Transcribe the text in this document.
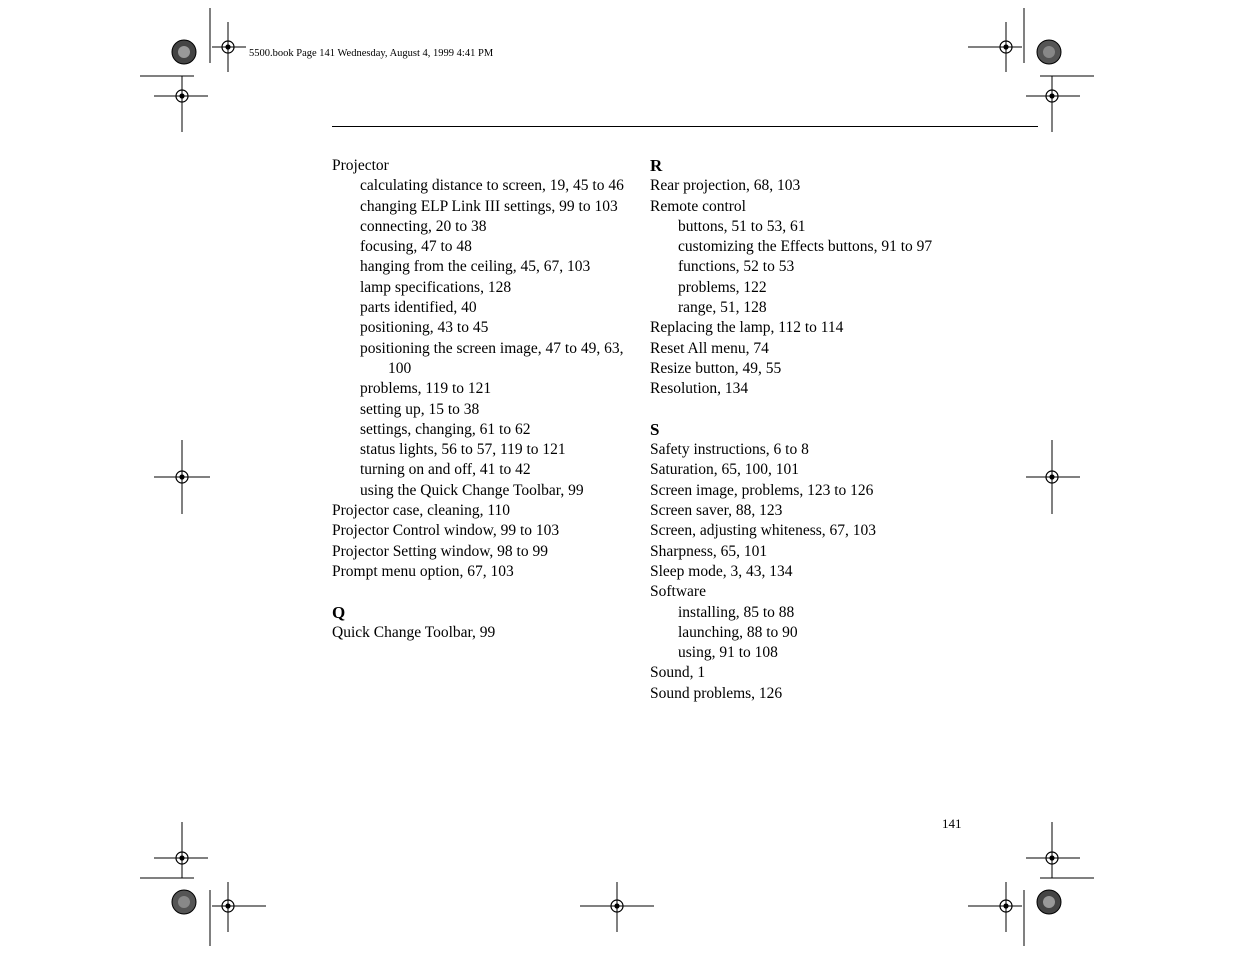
5500.book Page 141 Wednesday, August 4, 1999 4:41 PM
Projector
calculating distance to screen, 19, 45 to 46
changing ELP Link III settings, 99 to 103
connecting, 20 to 38
focusing, 47 to 48
hanging from the ceiling, 45, 67, 103
lamp specifications, 128
parts identified, 40
positioning, 43 to 45
positioning the screen image, 47 to 49, 63, 100
problems, 119 to 121
setting up, 15 to 38
settings, changing, 61 to 62
status lights, 56 to 57, 119 to 121
turning on and off, 41 to 42
using the Quick Change Toolbar, 99
Projector case, cleaning, 110
Projector Control window, 99 to 103
Projector Setting window, 98 to 99
Prompt menu option, 67, 103
Q
Quick Change Toolbar, 99
R
Rear projection, 68, 103
Remote control
buttons, 51 to 53, 61
customizing the Effects buttons, 91 to 97
functions, 52 to 53
problems, 122
range, 51, 128
Replacing the lamp, 112 to 114
Reset All menu, 74
Resize button, 49, 55
Resolution, 134
S
Safety instructions, 6 to 8
Saturation, 65, 100, 101
Screen image, problems, 123 to 126
Screen saver, 88, 123
Screen, adjusting whiteness, 67, 103
Sharpness, 65, 101
Sleep mode, 3, 43, 134
Software
installing, 85 to 88
launching, 88 to 90
using, 91 to 108
Sound, 1
Sound problems, 126
141
